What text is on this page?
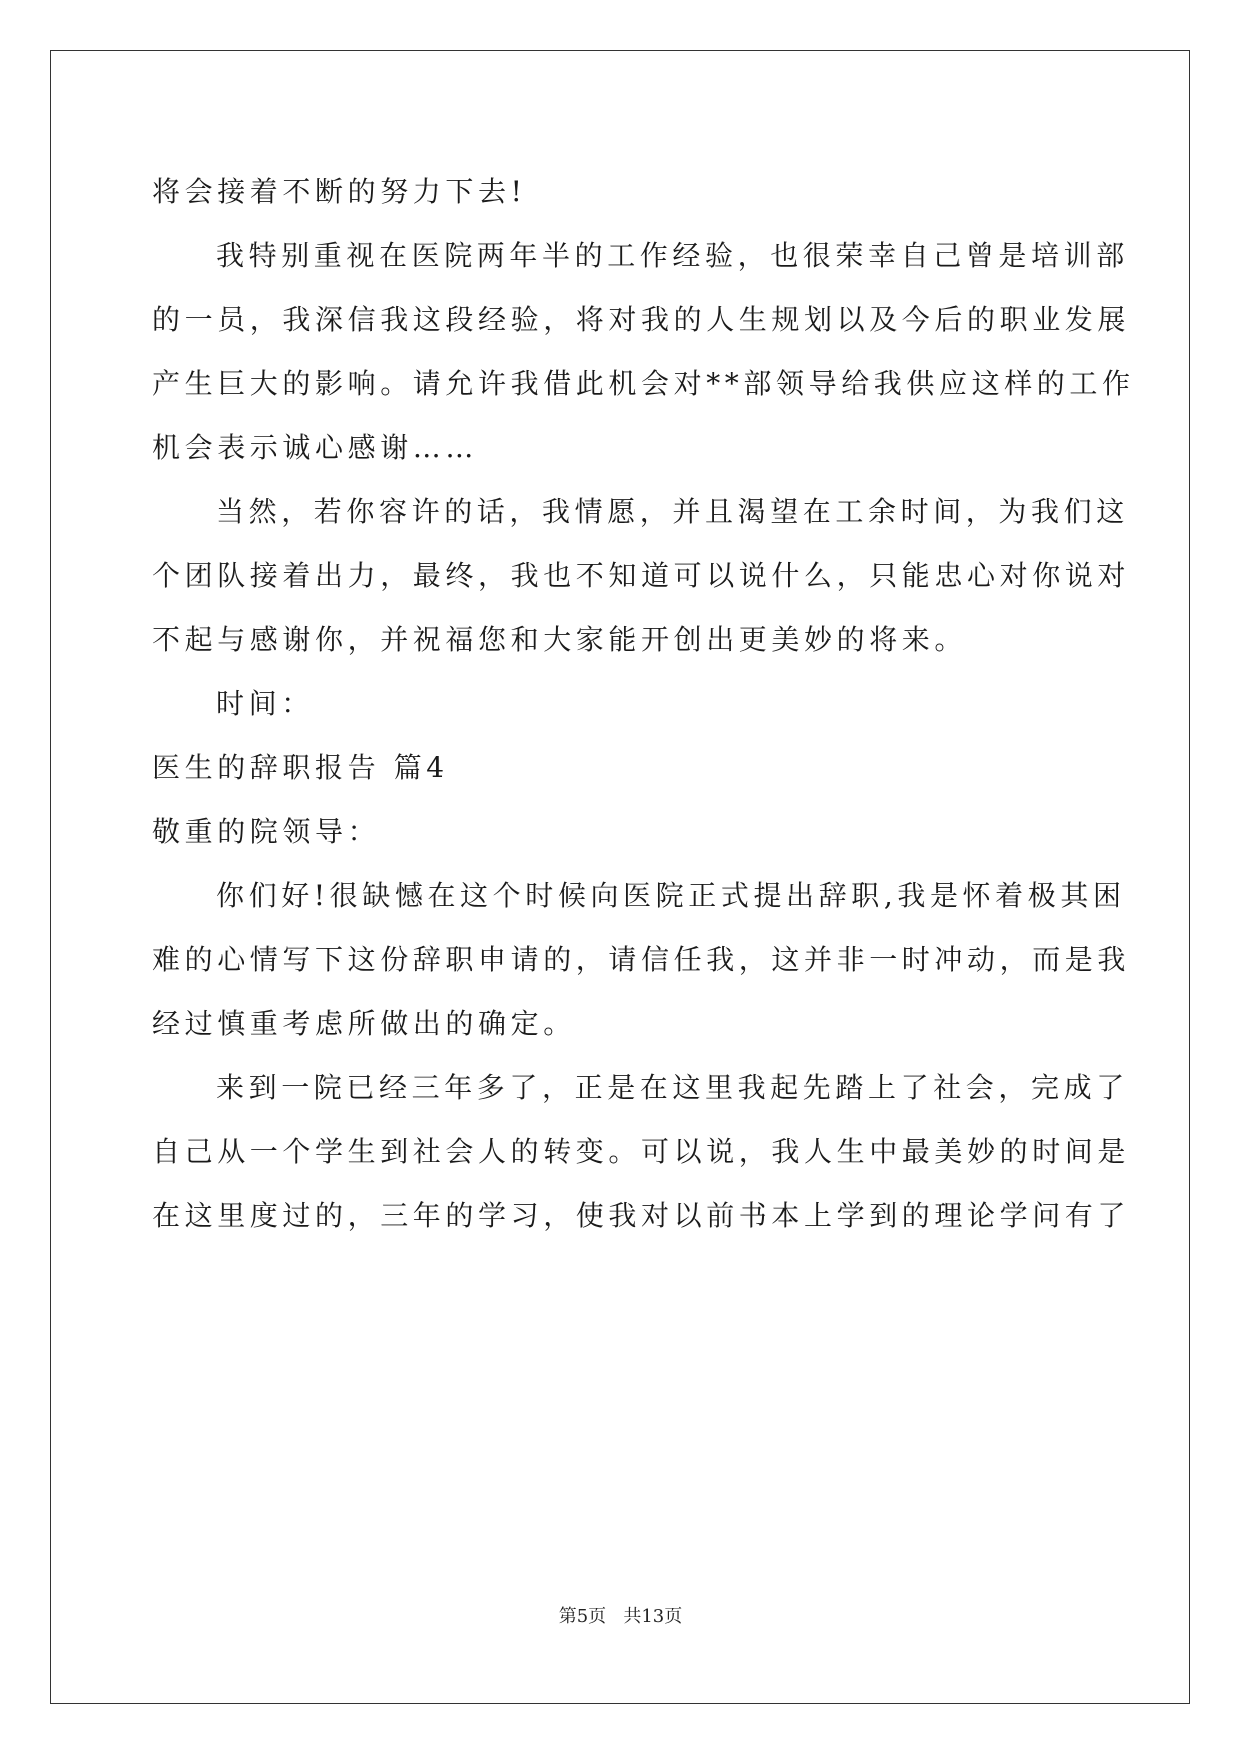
将会接着不断的努力下去!
我特别重视在医院两年半的工作经验，也很荣幸自己曾是培训部
的一员，我深信我这段经验，将对我的人生规划以及今后的职业发展
产生巨大的影响。请允许我借此机会对**部领导给我供应这样的工作
机会表示诚心感谢……
当然，若你容许的话，我情愿，并且渴望在工余时间，为我们这
个团队接着出力，最终，我也不知道可以说什么，只能忠心对你说对
不起与感谢你，并祝福您和大家能开创出更美妙的将来。
时间：
医生的辞职报告 篇4
敬重的院领导：
你们好!很缺憾在这个时候向医院正式提出辞职,我是怀着极其困
难的心情写下这份辞职申请的，请信任我，这并非一时冲动，而是我
经过慎重考虑所做出的确定。
来到一院已经三年多了，正是在这里我起先踏上了社会，完成了
自己从一个学生到社会人的转变。可以说，我人生中最美妙的时间是
在这里度过的，三年的学习，使我对以前书本上学到的理论学问有了
第5页   共13页
